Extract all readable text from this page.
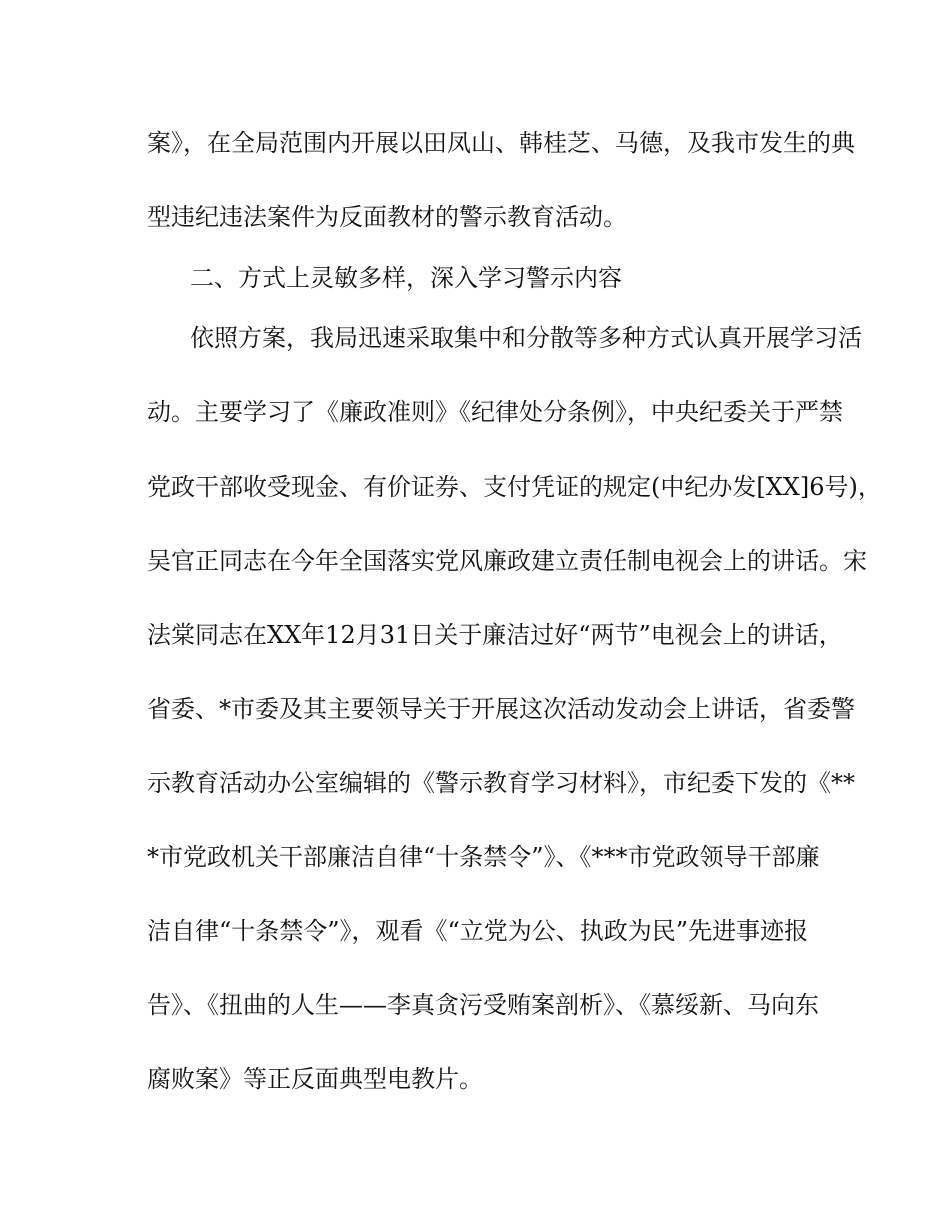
案》，在全局范围内开展以田凤山、韩桂芝、马德，及我市发生的典
型违纪违法案件为反面教材的警示教育活动。
二、方式上灵敏多样，深入学习警示内容
依照方案，我局迅速采取集中和分散等多种方式认真开展学习活
动。主要学习了《廉政准则》《纪律处分条例》，中央纪委关于严禁
党政干部收受现金、有价证券、支付凭证的规定(中纪办发[XX]6号)，
吴官正同志在今年全国落实党风廉政建立责任制电视会上的讲话。宋
法棠同志在XX年12月31日关于廉洁过好“两节”电视会上的讲话，
省委、*市委及其主要领导关于开展这次活动发动会上讲话，省委警
示教育活动办公室编辑的《警示教育学习材料》，市纪委下发的《**
*市党政机关干部廉洁自律“十条禁令”》、《***市党政领导干部廉
洁自律“十条禁令”》，观看《“立党为公、执政为民”先进事迹报
告》、《扭曲的人生——李真贪污受贿案剖析》、《慕绥新、马向东
腐败案》等正反面典型电教片。
